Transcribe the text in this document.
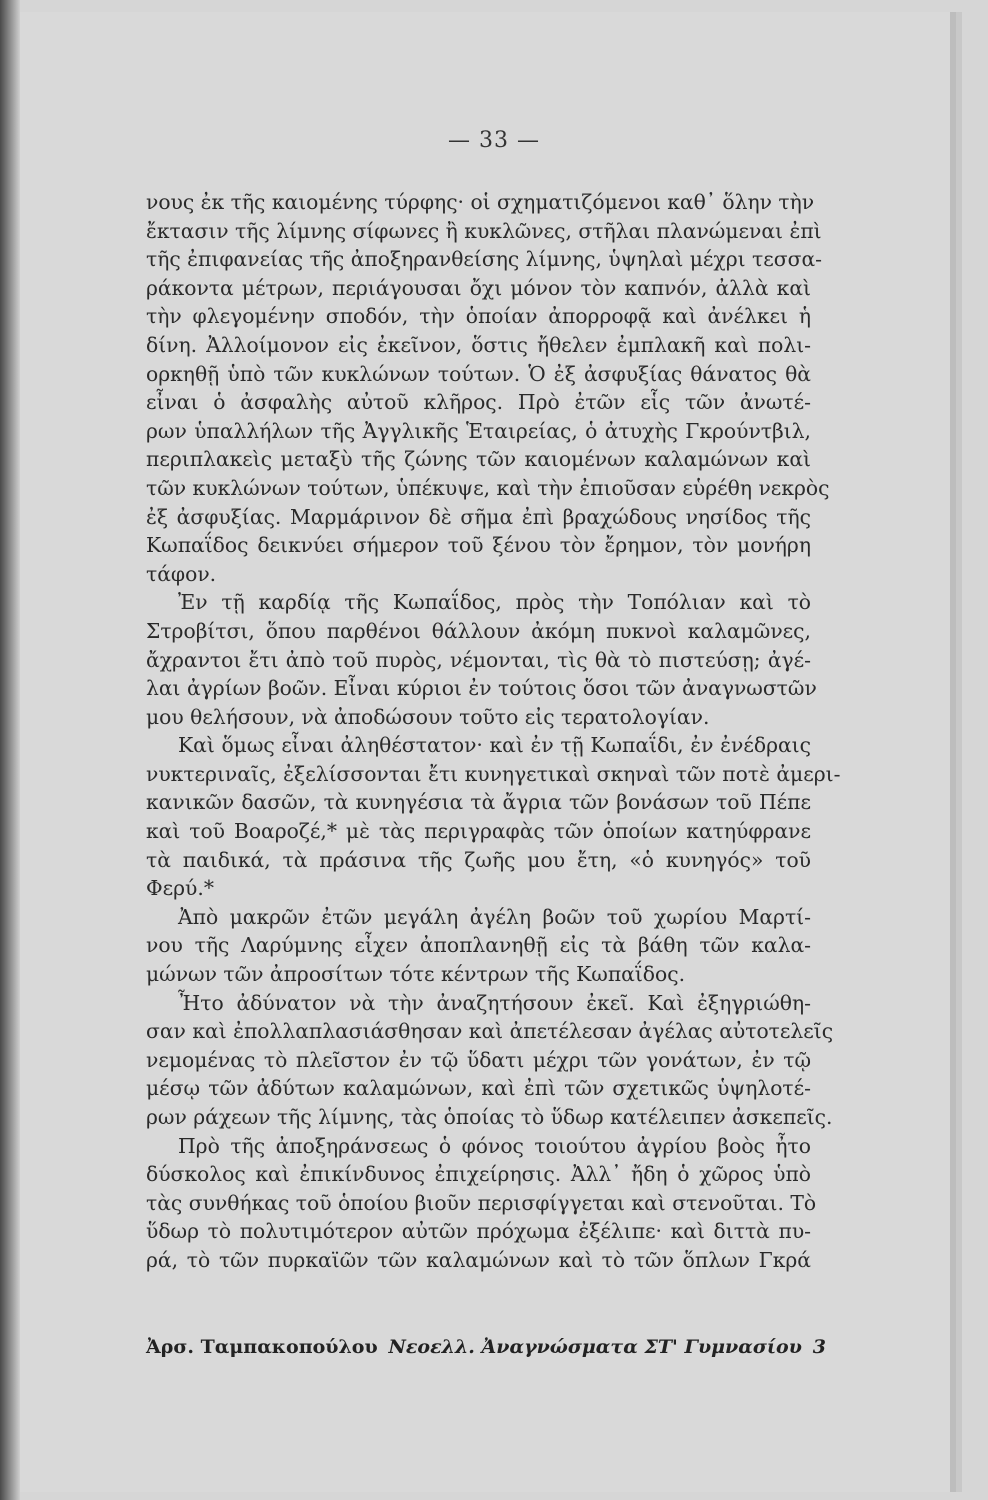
— 33 —
νους ἐκ τῆς καιομένης τύρφης· οἱ σχηματιζόμενοι καθ᾽ ὅλην τὴν
ἔκτασιν τῆς λίμνης σίφωνες ἢ κυκλῶνες, στῆλαι πλανώμεναι ἐπὶ
τῆς ἐπιφανείας τῆς ἀποξηρανθείσης λίμνης, ὑψηλαὶ μέχρι τεσσα-
ράκοντα μέτρων, περιάγουσαι ὄχι μόνον τὸν καπνόν, ἀλλὰ καὶ
τὴν φλεγομένην σποδόν, τὴν ὁποίαν ἀπορροφᾷ καὶ ἀνέλκει ἡ
δίνη. Ἀλλοίμονον εἰς ἐκεῖνον, ὅστις ἤθελεν ἐμπλακῆ καὶ πολι-
ορκηθῇ ὑπὸ τῶν κυκλώνων τούτων. Ὁ ἐξ ἀσφυξίας θάνατος θὰ
εἶναι ὁ ἀσφαλὴς αὐτοῦ κλῆρος. Πρὸ ἐτῶν εἷς τῶν ἀνωτέ-
ρων ὑπαλλήλων τῆς Ἀγγλικῆς Ἑταιρείας, ὁ ἀτυχὴς Γκρούντβιλ,
περιπλακεὶς μεταξὺ τῆς ζώνης τῶν καιομένων καλαμώνων καὶ
τῶν κυκλώνων τούτων, ὑπέκυψε, καὶ τὴν ἐπιοῦσαν εὑρέθη νεκρὸς
ἐξ ἀσφυξίας. Μαρμάρινον δὲ σῆμα ἐπὶ βραχώδους νησίδος τῆς
Κωπαΐδος δεικνύει σήμερον τοῦ ξένου τὸν ἔρημον, τὸν μονήρη
τάφον.
Ἐν τῇ καρδίᾳ τῆς Κωπαΐδος, πρὸς τὴν Τοπόλιαν καὶ τὸ
Στροβίτσι, ὅπου παρθένοι θάλλουν ἀκόμη πυκνοὶ καλαμῶνες,
ἄχραντοι ἔτι ἀπὸ τοῦ πυρὸς, νέμονται, τὶς θὰ τὸ πιστεύσῃ; ἀγέ-
λαι ἀγρίων βοῶν. Εἶναι κύριοι ἐν τούτοις ὅσοι τῶν ἀναγνωστῶν
μου θελήσουν, νὰ ἀποδώσουν τοῦτο εἰς τερατολογίαν.
Καὶ ὅμως εἶναι ἀληθέστατον· καὶ ἐν τῇ Κωπαΐδι, ἐν ἐνέδραις
νυκτεριναῖς, ἐξελίσσονται ἔτι κυνηγετικαὶ σκηναὶ τῶν ποτὲ ἀμερι-
κανικῶν δασῶν, τὰ κυνηγέσια τὰ ἄγρια τῶν βονάσων τοῦ Πέπε
καὶ τοῦ Βοαροζέ,* μὲ τὰς περιγραφὰς τῶν ὁποίων κατηύφρανε
τὰ παιδικά, τὰ πράσινα τῆς ζωῆς μου ἔτη, «ὁ κυνηγός» τοῦ
Φερύ.*
Ἀπὸ μακρῶν ἐτῶν μεγάλη ἀγέλη βοῶν τοῦ χωρίου Μαρτί-
νου τῆς Λαρύμνης εἶχεν ἀποπλανηθῇ εἰς τὰ βάθη τῶν καλα-
μώνων τῶν ἀπροσίτων τότε κέντρων τῆς Κωπαΐδος.
Ἦτο ἀδύνατον νὰ τὴν ἀναζητήσουν ἐκεῖ. Καὶ ἐξηγριώθη-
σαν καὶ ἐπολλαπλασιάσθησαν καὶ ἀπετέλεσαν ἀγέλας αὐτοτελεῖς
νεμομένας τὸ πλεῖστον ἐν τῷ ὕδατι μέχρι τῶν γονάτων, ἐν τῷ
μέσῳ τῶν ἀδύτων καλαμώνων, καὶ ἐπὶ τῶν σχετικῶς ὑψηλοτέ-
ρων ράχεων τῆς λίμνης, τὰς ὁποίας τὸ ὕδωρ κατέλειπεν ἀσκεπεῖς.
Πρὸ τῆς ἀποξηράνσεως ὁ φόνος τοιούτου ἀγρίου βοὸς ἦτο
δύσκολος καὶ ἐπικίνδυνος ἐπιχείρησις. Ἀλλ᾽ ἤδη ὁ χῶρος ὑπὸ
τὰς συνθήκας τοῦ ὁποίου βιοῦν περισφίγγεται καὶ στενοῦται. Τὸ
ὕδωρ τὸ πολυτιμότερον αὐτῶν πρόχωμα ἐξέλιπε· καὶ διττὰ πυ-
ρά, τὸ τῶν πυρκαϊῶν τῶν καλαμώνων καὶ τὸ τῶν ὅπλων Γκρά
Ἀρσ. Ταμπακοπούλου Νεοελλ. Ἀναγνώσματα ΣΤ' Γυμνασίου 3
